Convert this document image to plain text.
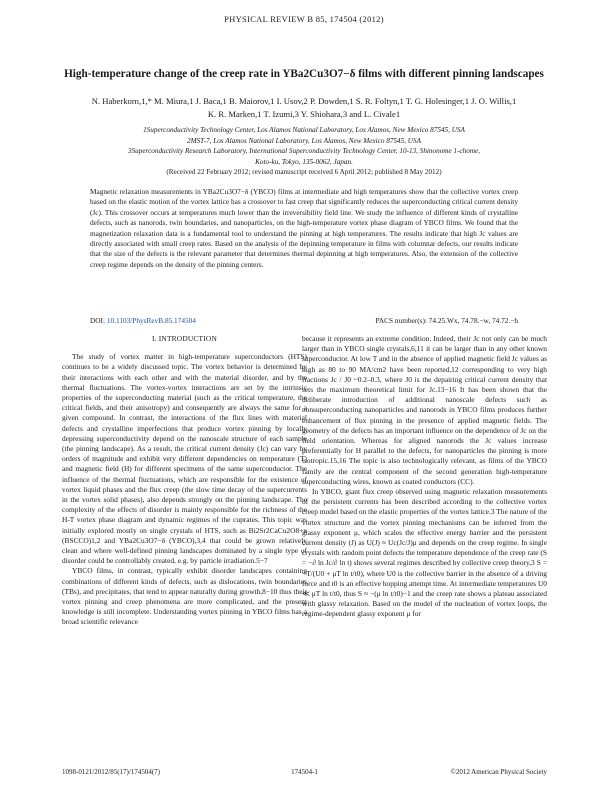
PHYSICAL REVIEW B 85, 174504 (2012)
High-temperature change of the creep rate in YBa2Cu3O7−δ films with different pinning landscapes
N. Haberkorn,1,* M. Miura,1 J. Baca,1 B. Maiorov,1 I. Usov,2 P. Dowden,1 S. R. Foltyn,1 T. G. Holesinger,1 J. O. Willis,1
K. R. Marken,1 T. Izumi,3 Y. Shiohara,3 and L. Civale1
1Superconductivity Technology Center, Los Alamos National Laboratory, Los Alamos, New Mexico 87545, USA
2MST-7, Los Alamos National Laboratory, Los Alamos, New Mexico 87545, USA
3Superconductivity Research Laboratory, International Superconductivity Technology Center, 10-13, Shinonome 1-chome,
Koto-ku, Tokyo, 135-0062, Japan.
(Received 22 February 2012; revised manuscript received 6 April 2012; published 8 May 2012)
Magnetic relaxation measurements in YBa2Cu3O7−δ (YBCO) films at intermediate and high temperatures show that the collective vortex creep based on the elastic motion of the vortex lattice has a crossover to fast creep that significantly reduces the superconducting critical current density (Jc). This crossover occurs at temperatures much lower than the irreversibility field line. We study the influence of different kinds of crystalline defects, such as nanorods, twin boundaries, and nanoparticles, on the high-temperature vortex phase diagram of YBCO films. We found that the magnetization relaxation data is a fundamental tool to understand the pinning at high temperatures. The results indicate that high Jc values are directly associated with small creep rates. Based on the analysis of the depinning temperature in films with columnar defects, our results indicate that the size of the defects is the relevant parameter that determines thermal depinning at high temperatures. Also, the extension of the collective creep regime depends on the density of the pinning centers.
DOI: 10.1103/PhysRevB.85.174504	PACS number(s): 74.25.Wx, 74.78.−w, 74.72.−h

I. INTRODUCTION

The study of vortex matter in high-temperature superconductors (HTS) continues to be a widely discussed topic. The vortex behavior is determined by their interactions with each other and with the material disorder, and by the thermal fluctuations. The vortex-vortex interactions are set by the intrinsic properties of the superconducting material (such as the critical temperature, the critical fields, and their anisotropy) and consequently are always the same for a given compound. In contrast, the interactions of the flux lines with material defects and crystalline imperfections that produce vortex pinning by locally depressing superconductivity depend on the nanoscale structure of each sample (the pinning landscape). As a result, the critical current density (Jc) can vary by orders of magnitude and exhibit very different dependencies on temperature (T) and magnetic field (H) for different specimens of the same superconductor. The influence of the thermal fluctuations, which are responsible for the existence of vortex liquid phases and the flux creep (the slow time decay of the supercurrents in the vortex solid phases), also depends strongly on the pinning landscape. The complexity of the effects of disorder is mainly responsible for the richness of the H-T vortex phase diagram and dynamic regimes of the cuprates. This topic was initially explored mostly on single crystals of HTS, such as Bi2Sr2CaCu2O8+x (BSCCO)1,2 and YBa2Cu3O7−δ (YBCO),3,4 that could be grown relatively clean and where well-defined pinning landscapes dominated by a single type of disorder could be controllably created, e.g. by particle irradiation.5−7

YBCO films, in contrast, typically exhibit disorder landscapes containing combinations of different kinds of defects, such as dislocations, twin boundaries (TBs), and precipitates, that tend to appear naturally during growth,8−10 thus their vortex pinning and creep phenomena are more complicated, and the present knowledge is still incomplete. Understanding vortex pinning in YBCO films has a broad scientific relevance

because it represents an extreme condition. Indeed, their Jc not only can be much larger than in YBCO single crystals,6,11 it can be larger than in any other known superconductor. At low T and in the absence of applied magnetic field Jc values as high as 80 to 90 MA/cm2 have been reported,12 corresponding to very high fractions Jc / J0 ~0.2–0.3, where J0 is the depairing critical current density that sets the maximum theoretical limit for Jc.13−16 It has been shown that the deliberate introduction of additional nanoscale defects such as nonsuperconducting nanoparticles and nanorods in YBCO films produces further enhancement of flux pinning in the presence of applied magnetic fields. The geometry of the defects has an important influence on the dependence of Jc on the field orientation. Whereas for aligned nanorods the Jc values increase preferentially for H parallel to the defects, for nanoparticles the pinning is more isotropic.15,16 The topic is also technologically relevant, as films of the YBCO family are the central component of the second generation high-temperature superconducting wires, known as coated conductors (CC).

In YBCO, giant flux creep observed using magnetic relaxation measurements of the persistent currents has been described according to the collective vortex creep model based on the elastic properties of the vortex lattice.3 The nature of the vortex structure and the vortex pinning mechanisms can be inferred from the glassy exponent μ, which scales the effective energy barrier and the persistent current density (J) as U(J) ≈ Uc(Jc/J)μ and depends on the creep regime. In single crystals with random point defects the temperature dependence of the creep rate (S = −∂ ln Jc/∂ ln t) shows several regimes described by collective creep theory,3 S = −T/(U0 + μT ln t/t0), where U0 is the collective barrier in the absence of a driving force and t0 is an effective hopping attempt time. At intermediate temperatures U0 ≪ μT ln t/t0, thus S ≈ −(μ ln t/t0)−1 and the creep rate shows a plateau associated with glassy relaxation. Based on the model of the nucleation of vortex loops, the regime-dependent glassy exponent μ for

1098-0121/2012/85(17)/174504(7)	174504-1	©2012 American Physical Society
